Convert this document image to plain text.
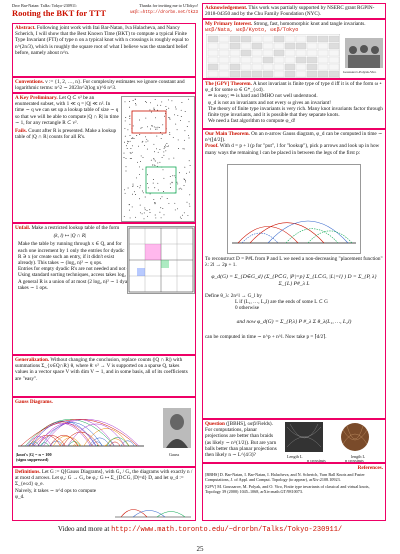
Dror Bar-Natan: Talks: Tokyo-230911:	Thanks for inviting me to UTokyo!
Rooting the BKT for TTT	ωεβ:=http://drorbn.net/tk23
Abstract. Following joint work with Itai Bar-Natan, Iva Halacheva, and Nancy Scherich, I will show that the Best Known Time (BKT) to compute a typical Finite Type Invariant (FTI) of type n on a typical knot with n crossings is roughly equal to n^(2n/3), which is roughly the square root of what I believe was the standard belief before, namely about n^n.
Conventions. ν := {1, 2, …, n}. For complexity estimates we ignore constant and logarithmic terms: n^2 ∼ 2023n^2(log n)^6 n^3.
A Key Preliminary. Let Q ⊂ ν² be an enumerated subset, with 1 ≪ q = |Q| ≪ n². In time ∼ q we can set up a lookup table of size ∼ q so that we will be able to compute |Q ∩ R| in time ∼ 1, for any rectangle R ⊂ ν².
Fails. Count after R is presented. Make a lookup table of |Q ∩ R| counts for all R's.
Unfail. Make a restricted lookup table of the form
(k, l) ↦ |Q ∩ R|
Make the table by running through x ∈ Q, and for each one increment by 1 only the entries for dyadic R ∋ x (or create such an entry, if it didn't exist already). This takes ∼ (log₂ n)² ∼ q ops.
Entries for empty dyadic R's are not needed and not created.
Using standard sorting techniques, access takes log₂ q ∼ 1 ops.
A general R is a union of at most (2 log₂ n)² ∼ 1 dyadic ones, so counting |Q ∩ R| takes ∼ 1 ops.
Generalization. Without changing the conclusion, replace counts (|Q ∩ R|) with summations Σ_{x∈Q∩R} θ, where θ: ν² → V is supported on a sparse Q, takes values in a vector space V with dim V ∼ 1, and in some basis, all of its coefficients are "easy".
Gauss Diagrams.
|knot's |G| = n = 100
(signs suppressed)
Gauss
Definitions. Let G := Q⟨Gauss Diagrams⟩, with G₂ / G₃ the diagrams with exactly n / at most d arrows. Let φ₂: G → G₂ be φ₂: G ↦ Σ_{D⊂G, |D|=d} D, and let φ_d := Σ_{e≤d} φ_e.
Naively, it takes ∼ n^d ops to compute φ_d.
Acknowledgement. This work was partially supported by NSERC grant RGPIN-2018-04350 and by the Chu Family Foundation (NYC).
My Primary Interest. Strong, fast, homomorphic knot and tangle invariants. ωεβ/Nata, ωεβ/Kyoto, ωεβ/Tokyo
Goussarov-Polyak-Viro
The [GPV] Theorem. A knot invariant is finite type of type d iff it is of the form ω ∘ φ_d for some ω ∈ G*_{≤d}.
⇐ is easy; ⇒ is hard and IMHO not well understood.
φ_d is not an invariants and not every ω gives an invariant!
The theory of finite type invariants is very rich. Many knot invariants factor through finite type invariants, and it is possible that they separate knots.
We need a fast algorithm to compute φ_d!
Our Main Theorem. On an n-arrow Gauss diagram, φ_d can be computed in time ∼ n^(⌊d/2⌋).
Proof. With d = p + l (p for "put", l for "lookup"), pick p arrows and look up in how many ways the remaining l can be placed in between the legs of the first p:
To reconstruct D = P#L from P and L we need a non-decreasing "placement function" λ: 2l → 2p + 1.
φ_d(G) = Σ_{D∈G_d} (Σ_{P⊂G, |P|=p} Σ_{L⊂G, |L|=l} ) D = Σ_{P, λ} Σ_{L} P#_λ L
Define θ_λ: 2n^l → G_l by
L if (L₁, …, L₂l) are the ends of some L ⊂ G
0 otherwise
and now φ_d(G) = Σ_{P,λ} P #_λ Σ θ_λ(L₁, …, L₂l)
can be computed in time ∼ n^p + n^l. Now take p = ⌈d/2⌉.
Question ([BBHS], ωεβ/Fields). For computations, planar projections are better than braids (as likely ∼ n^(1/2)). But are yarn balls better than planar projections then likely n ∼ L^(4/3)?	Length L
n crossings
length L
n crossings
References.
[BBHS] D. Bar-Natan, I. Bar-Natan, I. Halacheva, and N. Scherich, Yarn Ball Knots and Faster Computations, J. of Appl. and Comput. Topology (to appear), arXiv:2108.10923.
[GPV] M. Goussarov, M. Polyak, and O. Viro, Finite type invariants of classical and virtual knots, Topology 39 (2000) 1045–1068, arXiv:math.GT/9810073.
Video and more at http://www.math.toronto.edu/~drorbn/Talks/Tokyo-230911/
25
